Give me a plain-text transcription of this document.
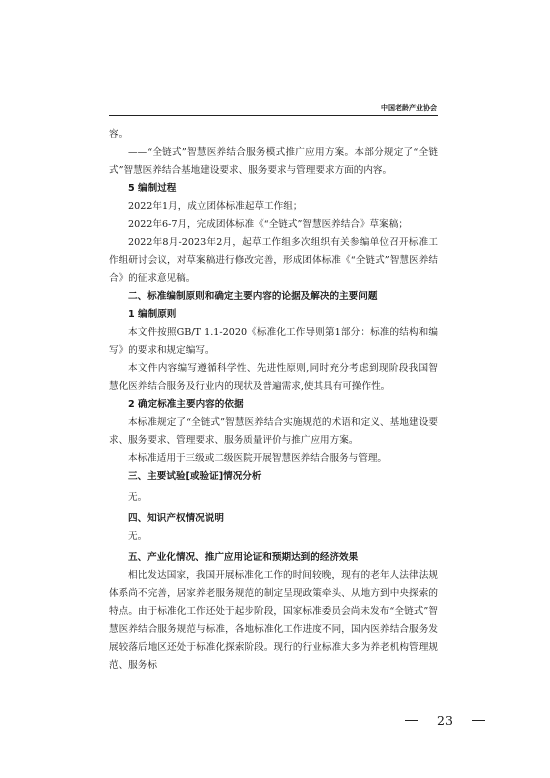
中国老龄产业协会

容。

——“全链式”智慧医养结合服务模式推广应用方案。本部分规定了“全链式”智慧医养结合基地建设要求、服务要求与管理要求方面的内容。

5 编制过程

2022年1月，成立团体标准起草工作组；

2022年6-7月，完成团体标准《“全链式”智慧医养结合》草案稿；

2022年8月-2023年2月，起草工作组多次组织有关参编单位召开标准工作组研讨会议，对草案稿进行修改完善，形成团体标准《“全链式”智慧医养结合》的征求意见稿。

二、标准编制原则和确定主要内容的论据及解决的主要问题

1 编制原则

本文件按照GB/T 1.1-2020《标准化工作导则第1部分：标准的结构和编写》的要求和规定编写。

本文件内容编写遵循科学性、先进性原则,同时充分考虑到现阶段我国智慧化医养结合服务及行业内的现状及普遍需求,使其具有可操作性。

2 确定标准主要内容的依据

本标准规定了“全链式”智慧医养结合实施规范的术语和定义、基地建设要求、服务要求、管理要求、服务质量评价与推广应用方案。

本标准适用于三级或二级医院开展智慧医养结合服务与管理。

三、主要试验[或验证]情况分析

无。

四、知识产权情况说明

无。

五、产业化情况、推广应用论证和预期达到的经济效果

相比发达国家，我国开展标准化工作的时间较晚，现有的老年人法律法规体系尚不完善，居家养老服务规范的制定呈现政策牵头、从地方到中央探索的特点。由于标准化工作还处于起步阶段，国家标准委员会尚未发布“全链式”智慧医养结合服务规范与标准，各地标准化工作进度不同，国内医养结合服务发展较落后地区还处于标准化探索阶段。现行的行业标准大多为养老机构管理规范、服务标

23
